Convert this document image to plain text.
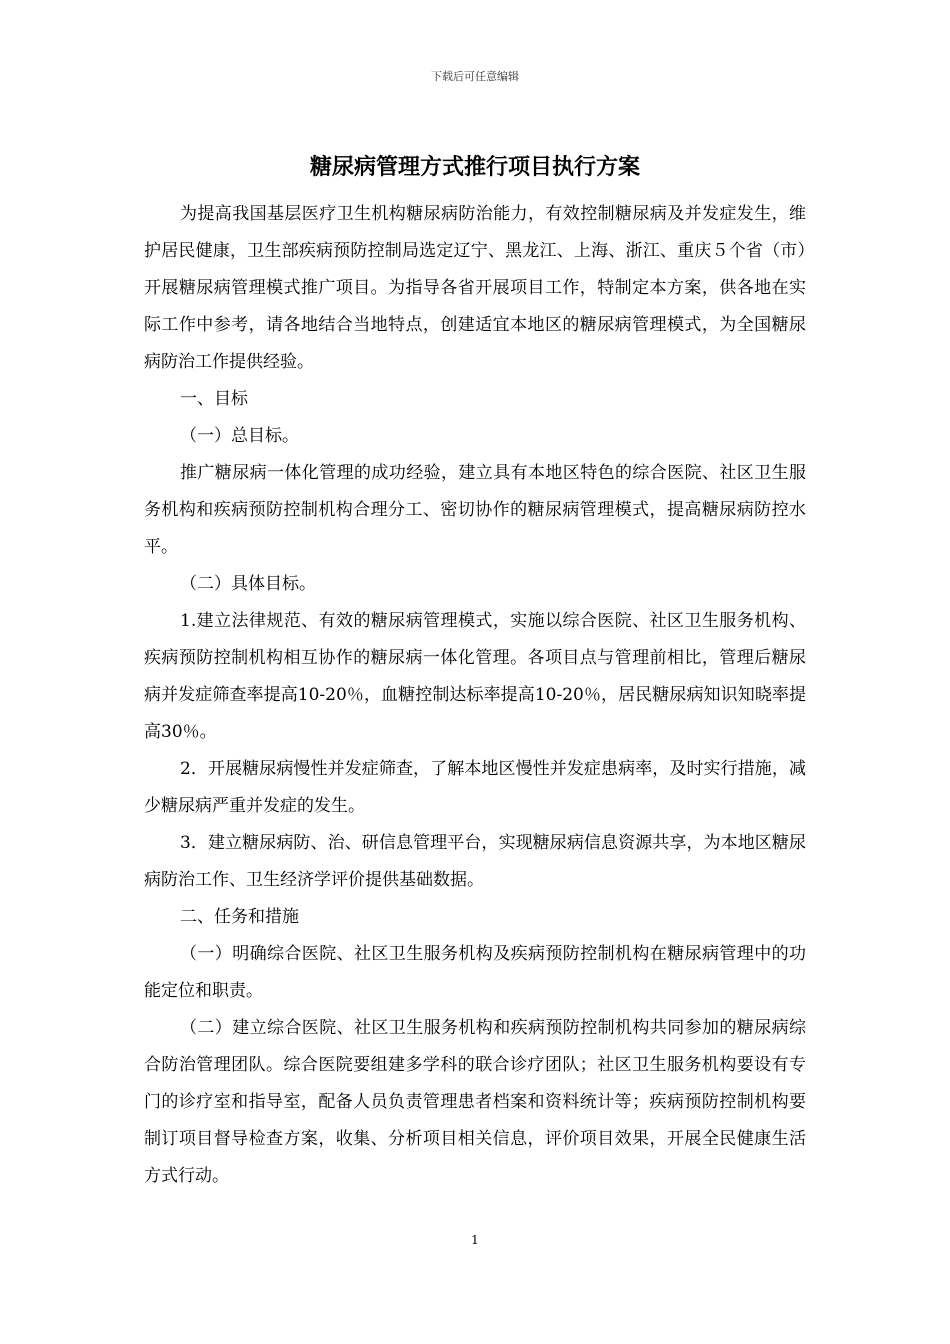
下载后可任意编辑
糖尿病管理方式推行项目执行方案

为提高我国基层医疗卫生机构糖尿病防治能力，有效控制糖尿病及并发症发生，维护居民健康，卫生部疾病预防控制局选定辽宁、黑龙江、上海、浙江、重庆５个省（市）开展糖尿病管理模式推广项目。为指导各省开展项目工作，特制定本方案，供各地在实际工作中参考，请各地结合当地特点，创建适宜本地区的糖尿病管理模式，为全国糖尿病防治工作提供经验。

一、目标

（一）总目标。

推广糖尿病一体化管理的成功经验，建立具有本地区特色的综合医院、社区卫生服务机构和疾病预防控制机构合理分工、密切协作的糖尿病管理模式，提高糖尿病防控水平。

（二）具体目标。

1.建立法律规范、有效的糖尿病管理模式，实施以综合医院、社区卫生服务机构、疾病预防控制机构相互协作的糖尿病一体化管理。各项目点与管理前相比，管理后糖尿病并发症筛查率提高10-20％，血糖控制达标率提高10-20％，居民糖尿病知识知晓率提高30％。

2．开展糖尿病慢性并发症筛查，了解本地区慢性并发症患病率，及时实行措施，减少糖尿病严重并发症的发生。

3．建立糖尿病防、治、研信息管理平台，实现糖尿病信息资源共享，为本地区糖尿病防治工作、卫生经济学评价提供基础数据。

二、任务和措施

（一）明确综合医院、社区卫生服务机构及疾病预防控制机构在糖尿病管理中的功能定位和职责。

（二）建立综合医院、社区卫生服务机构和疾病预防控制机构共同参加的糖尿病综合防治管理团队。综合医院要组建多学科的联合诊疗团队；社区卫生服务机构要设有专门的诊疗室和指导室，配备人员负责管理患者档案和资料统计等；疾病预防控制机构要制订项目督导检查方案，收集、分析项目相关信息，评价项目效果，开展全民健康生活方式行动。

1
